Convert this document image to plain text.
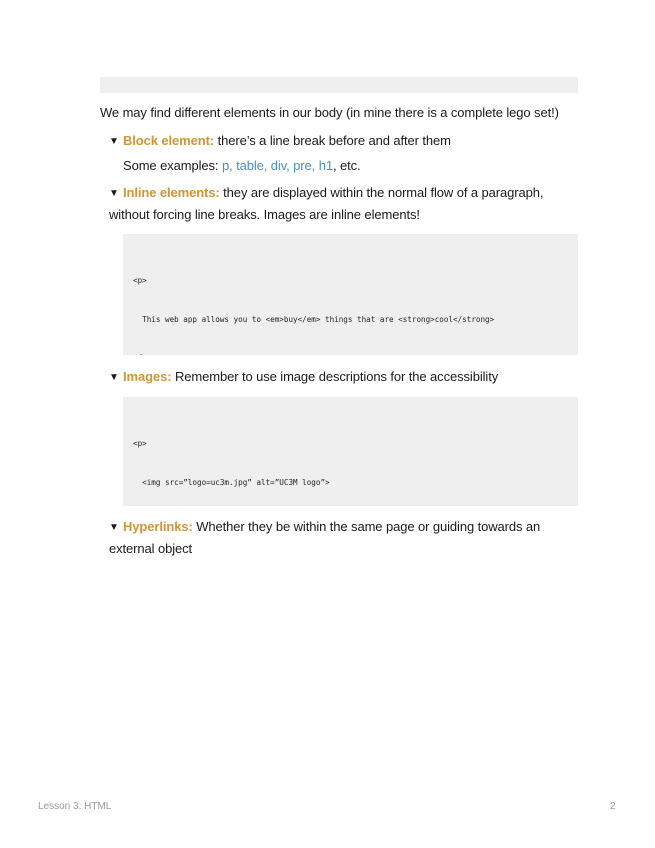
We may find different elements in our body (in mine there is a complete lego set!)
▼ Block element: there’s a line break before and after them
Some examples: p, table, div, pre, h1, etc.
▼ Inline elements: they are displayed within the normal flow of a paragraph,
without forcing line breaks. Images are inline elements!

<p>

This web app allows you to <em>buy</em> things that are <strong>cool</strong>

▼ Images: Remember to use image descriptions for the accessibility

<p>

<img src=”logo=uc3m.jpg” alt=”UC3M logo”>

▼ Hyperlinks: Whether they be within the same page or guiding towards an
external object
Lesson 3: HTML	2
